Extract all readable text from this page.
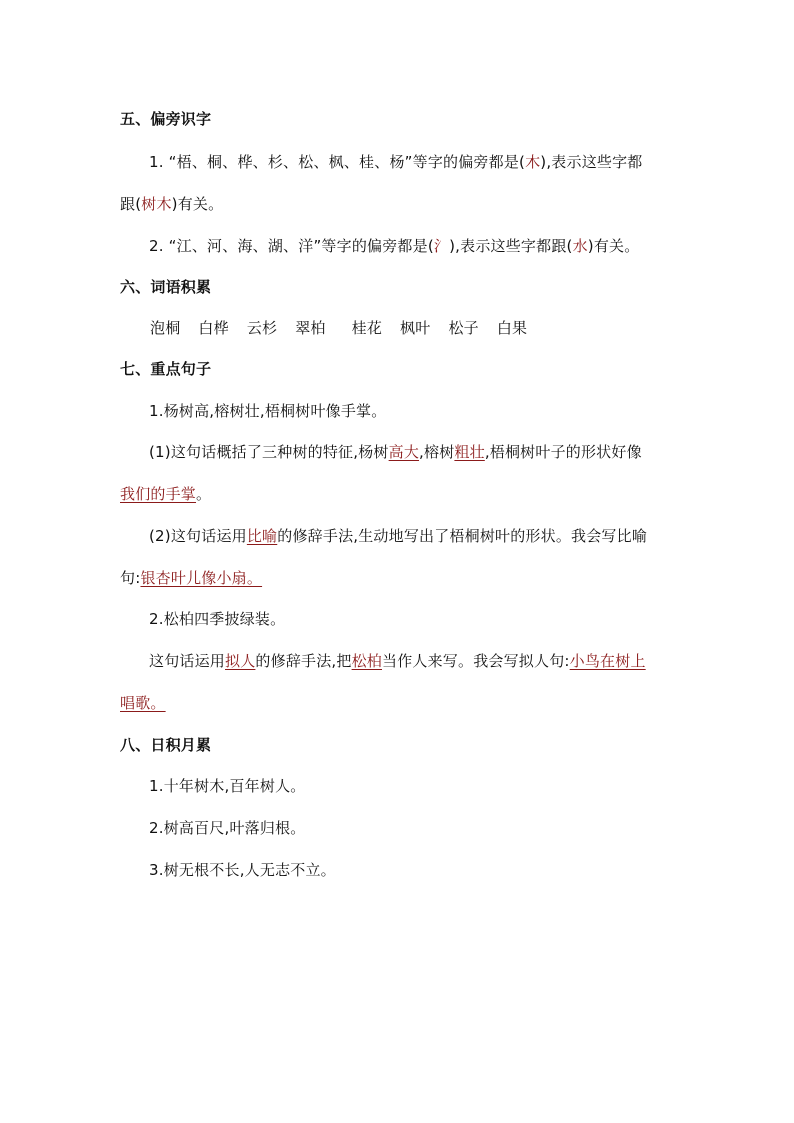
五、偏旁识字
1. “梧、桐、桦、杉、松、枫、桂、杨”等字的偏旁都是(木),表示这些字都
跟(树木)有关。
2. “江、河、海、湖、洋”等字的偏旁都是(氵),表示这些字都跟(水)有关。
六、词语积累
泡桐 白桦 云杉 翠柏 桂花 枫叶 松子 白果
七、重点句子
1.杨树高,榕树壮,梧桐树叶像手掌。
(1)这句话概括了三种树的特征,杨树高大,榕树粗壮,梧桐树叶子的形状好像
我们的手掌。
(2)这句话运用比喻的修辞手法,生动地写出了梧桐树叶的形状。我会写比喻
句:银杏叶儿像小扇。
2.松柏四季披绿装。
这句话运用拟人的修辞手法,把松柏当作人来写。我会写拟人句:小鸟在树上
唱歌。
八、日积月累
1.十年树木,百年树人。
2.树高百尺,叶落归根。
3.树无根不长,人无志不立。
